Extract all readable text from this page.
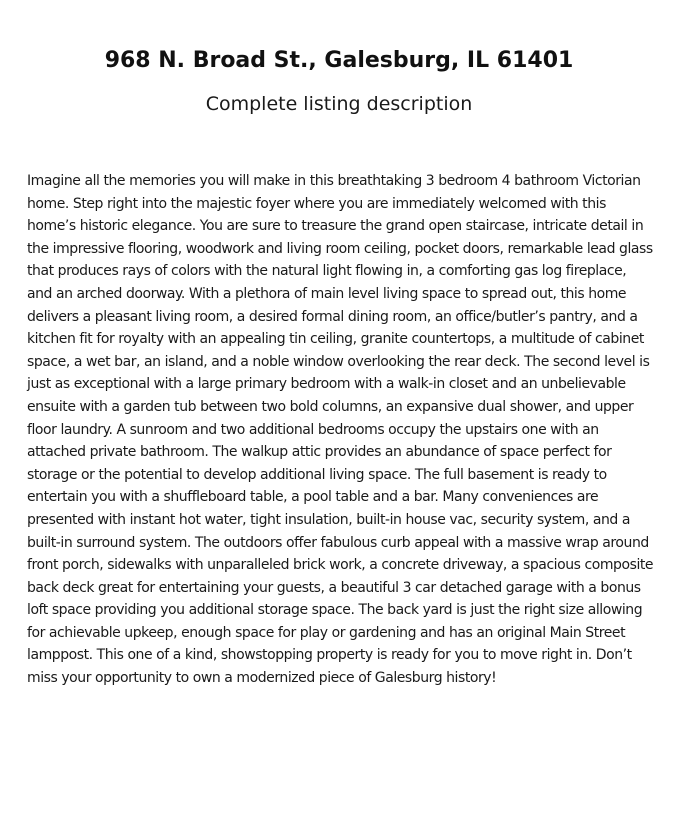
968 N. Broad St., Galesburg, IL 61401
Complete listing description

Imagine all the memories you will make in this breathtaking 3 bedroom 4 bathroom Victorian home. Step right into the majestic foyer where you are immediately welcomed with this home’s historic elegance. You are sure to treasure the grand open staircase, intricate detail in the impressive flooring, woodwork and living room ceiling, pocket doors, remarkable lead glass that produces rays of colors with the natural light flowing in, a comforting gas log fireplace, and an arched doorway. With a plethora of main level living space to spread out, this home delivers a pleasant living room, a desired formal dining room, an office/butler’s pantry, and a kitchen fit for royalty with an appealing tin ceiling, granite countertops, a multitude of cabinet space, a wet bar, an island, and a noble window overlooking the rear deck. The second level is just as exceptional with a large primary bedroom with a walk-in closet and an unbelievable ensuite with a garden tub between two bold columns, an expansive dual shower, and upper floor laundry. A sunroom and two additional bedrooms occupy the upstairs one with an attached private bathroom. The walkup attic provides an abundance of space perfect for storage or the potential to develop additional living space. The full basement is ready to entertain you with a shuffleboard table, a pool table and a bar. Many conveniences are presented with instant hot water, tight insulation, built-in house vac, security system, and a built-in surround system. The outdoors offer fabulous curb appeal with a massive wrap around front porch, sidewalks with unparalleled brick work, a concrete driveway, a spacious composite back deck great for entertaining your guests, a beautiful 3 car detached garage with a bonus loft space providing you additional storage space. The back yard is just the right size allowing for achievable upkeep, enough space for play or gardening and has an original Main Street lamppost. This one of a kind, showstopping property is ready for you to move right in. Don’t miss your opportunity to own a modernized piece of Galesburg history!
